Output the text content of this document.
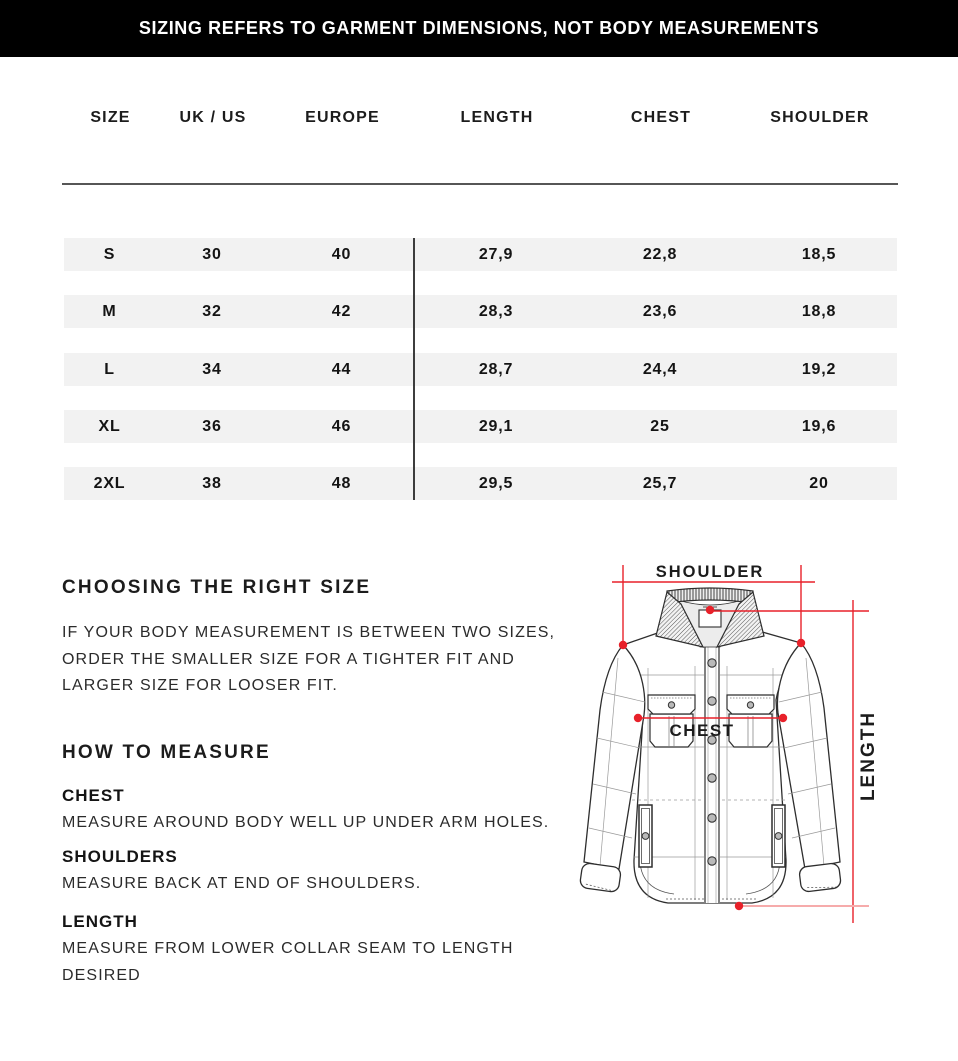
SIZING REFERS TO GARMENT DIMENSIONS, NOT BODY MEASUREMENTS
SIZE	UK / US	EUROPE	LENGTH	CHEST	SHOULDER
S	30	40	27,9	22,8	18,5
M	32	42	28,3	23,6	18,8
L	34	44	28,7	24,4	19,2
XL	36	46	29,1	25	19,6
2XL	38	48	29,5	25,7	20
CHOOSING THE RIGHT SIZE
IF YOUR BODY MEASUREMENT IS BETWEEN TWO SIZES, ORDER THE SMALLER SIZE FOR A TIGHTER FIT AND LARGER SIZE FOR LOOSER FIT.
HOW TO MEASURE
CHEST
MEASURE AROUND BODY WELL UP UNDER ARM HOLES.
SHOULDERS
MEASURE BACK AT END OF SHOULDERS.
LENGTH
MEASURE FROM LOWER COLLAR SEAM TO LENGTH DESIRED
SHOULDER
CHEST	LENGTH
